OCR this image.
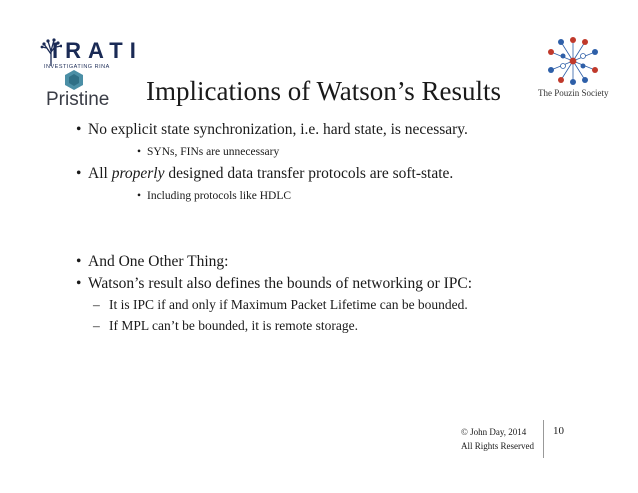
IRATI
INVESTIGATING RINA
Pristine	The Pouzin Society
Implications of Watson’s Results
• No explicit state synchronization, i.e. hard state, is necessary.
• SYNs, FINs are unnecessary
• All properly designed data transfer protocols are soft-state.
• Including protocols like HDLC
• And One Other Thing:
• Watson’s result also defines the bounds of networking or IPC:
– It is IPC if and only if Maximum Packet Lifetime can be bounded.
– If MPL can’t be bounded, it is remote storage.
© John Day, 2014
All Rights Reserved
10
